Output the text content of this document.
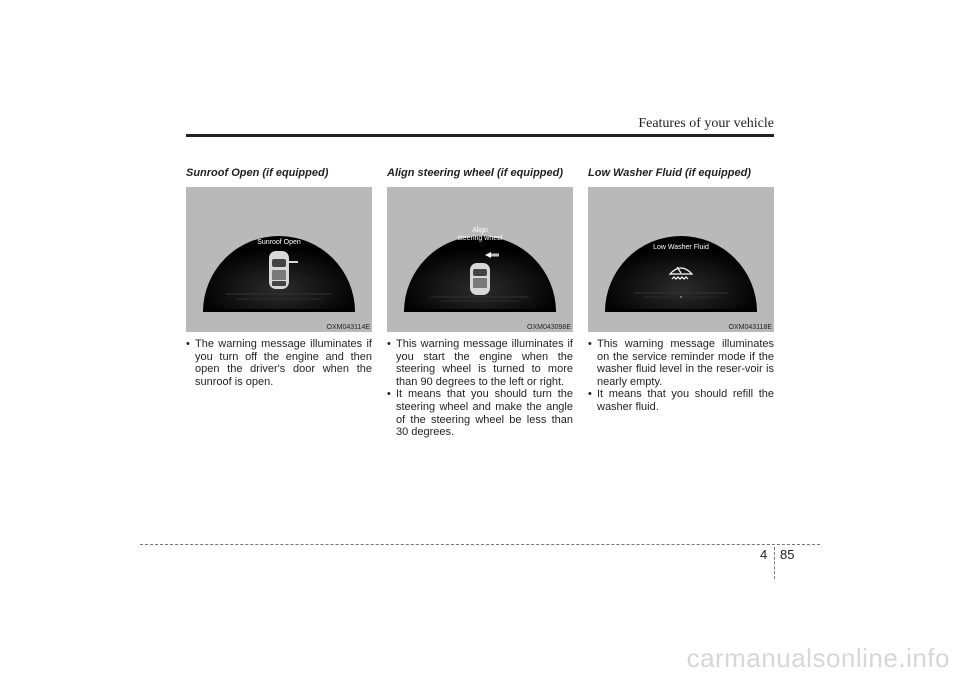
Features of your vehicle
Sunroof Open (if equipped)
Sunroof Open
OXM043114E
• The warning message illuminates if you turn off the engine and then open the driver's door when the sunroof is open.
Align steering wheel (if equipped)
Align
steering wheel
OXM043098E
• This warning message illuminates if you start the engine when the steering wheel is turned to more than 90 degrees to the left or right.
• It means that you should turn the steering wheel and make the angle of the steering wheel be less than 30 degrees.
Low Washer Fluid (if equipped)
Low Washer Fluid
OXM043118E
• This warning message illuminates on the service reminder mode if the washer fluid level in the reser-voir is nearly empty.
• It means that you should refill the washer fluid.
4 85
carmanualsonline.info
